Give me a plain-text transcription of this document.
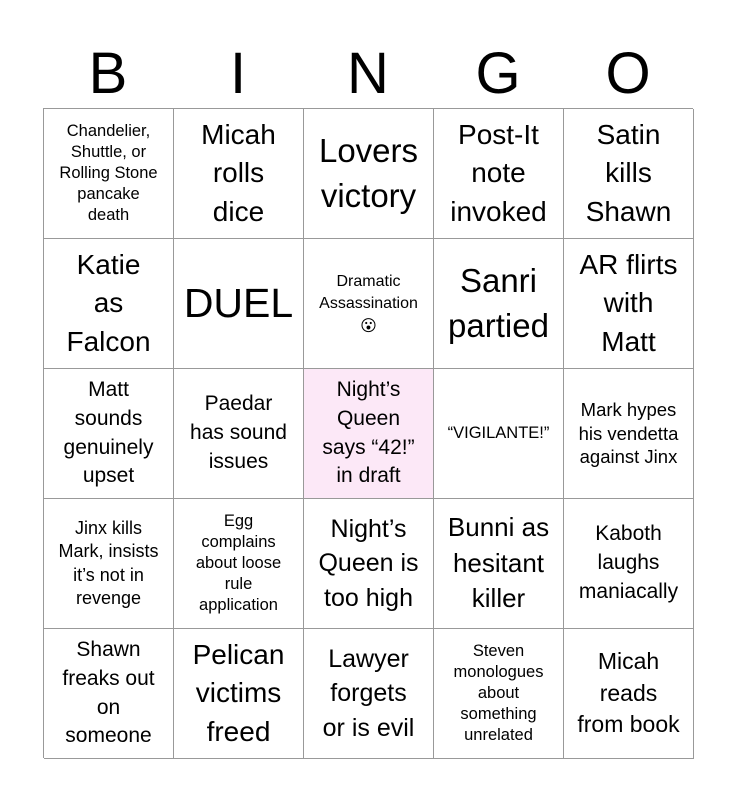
B	I	N	G	O
Chandelier,
Shuttle, or
Rolling Stone
pancake
death
Micah
rolls
dice
Lovers
victory
Post-It
note
invoked
Satin
kills
Shawn
Katie
as
Falcon
DUEL	Dramatic
Assassination
😮
Sanri
partied
AR flirts
with
Matt
Matt
sounds
genuinely
upset
Paedar
has sound
issues
Night’s
Queen
says “42!”
in draft
“VIGILANTE!”
Mark hypes
his vendetta
against Jinx
Jinx kills
Mark, insists
it’s not in
revenge
Egg
complains
about loose
rule
application
Night’s
Queen is
too high
Bunni as
hesitant
killer
Kaboth
laughs
maniacally
Shawn
freaks out
on
someone
Pelican
victims
freed
Lawyer
forgets
or is evil
Steven
monologues
about
something
unrelated
Micah
reads
from book
